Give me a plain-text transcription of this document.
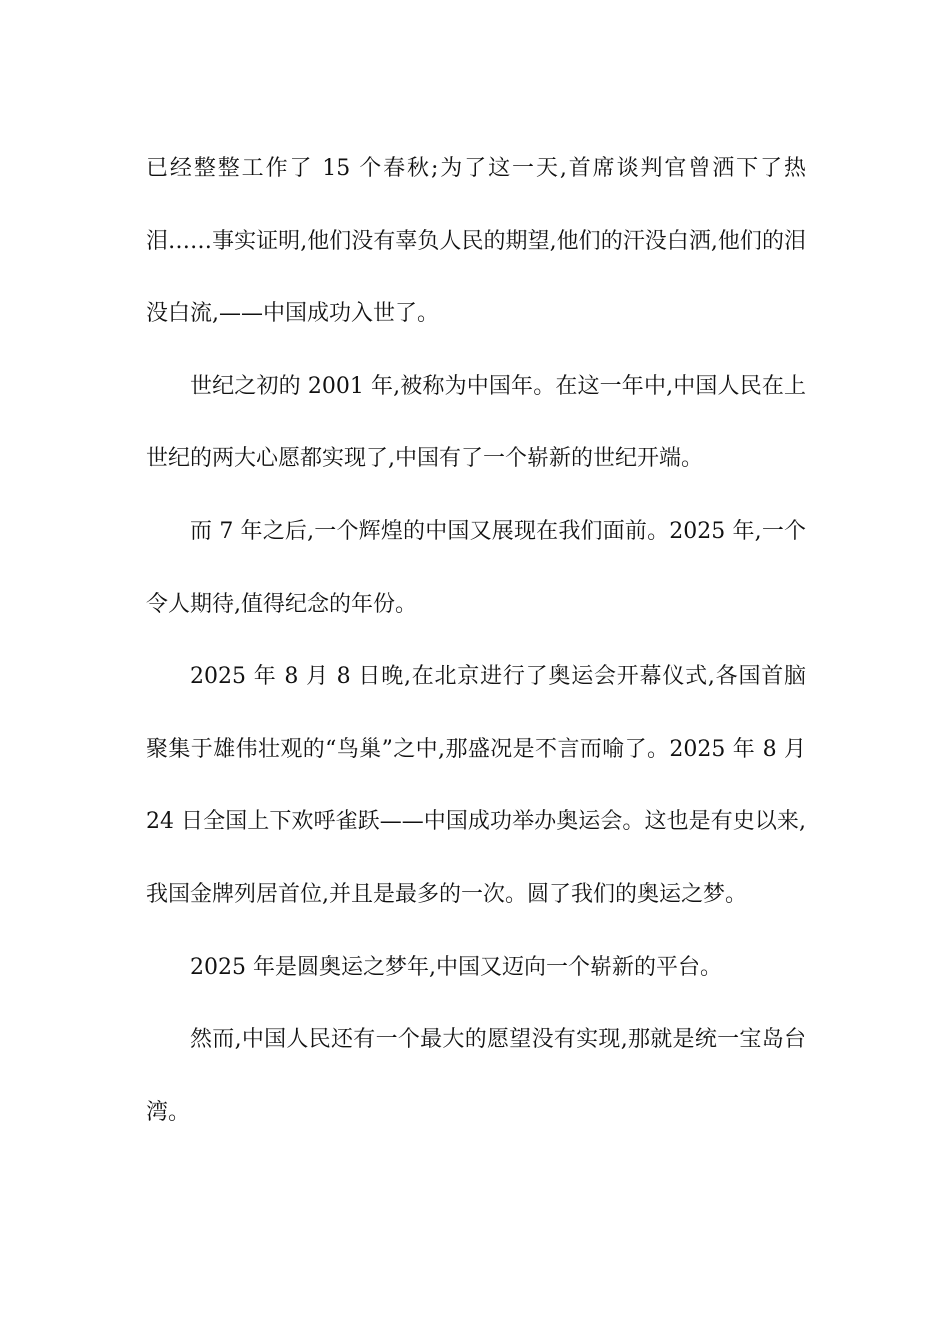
已经整整工作了 15 个春秋;为了这一天,首席谈判官曾洒下了热泪……事实证明,他们没有辜负人民的期望,他们的汗没白洒,他们的泪没白流,——中国成功入世了。

世纪之初的 2001 年,被称为中国年。在这一年中,中国人民在上世纪的两大心愿都实现了,中国有了一个崭新的世纪开端。

而 7 年之后,一个辉煌的中国又展现在我们面前。2025 年,一个令人期待,值得纪念的年份。

2025 年 8 月 8 日晚,在北京进行了奥运会开幕仪式,各国首脑聚集于雄伟壮观的“鸟巢”之中,那盛况是不言而喻了。2025 年 8 月 24 日全国上下欢呼雀跃——中国成功举办奥运会。这也是有史以来,我国金牌列居首位,并且是最多的一次。圆了我们的奥运之梦。

2025 年是圆奥运之梦年,中国又迈向一个崭新的平台。

然而,中国人民还有一个最大的愿望没有实现,那就是统一宝岛台湾。
